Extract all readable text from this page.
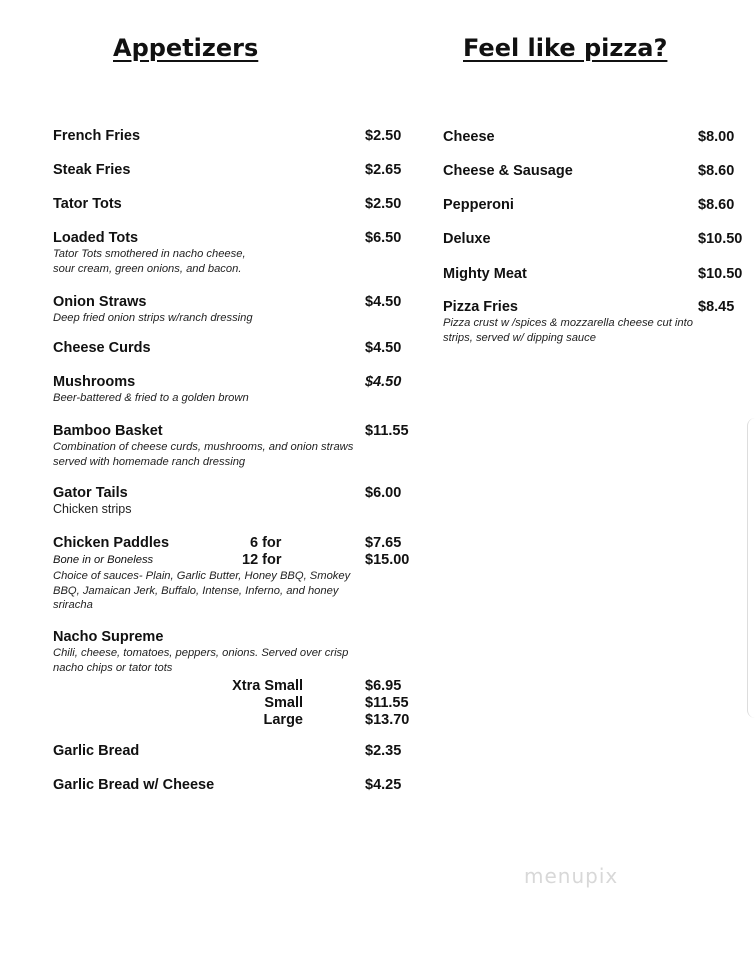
Appetizers	Feel like pizza?
French Fries	$2.50
Steak Fries	$2.65
Tator Tots	$2.50
Loaded Tots	$6.50
Tator Tots smothered in nacho cheese,
sour cream, green onions, and bacon.
Onion Straws	$4.50
Deep fried onion strips w/ranch dressing
Cheese Curds	$4.50
Mushrooms	$4.50
Beer-battered & fried to a golden brown
Bamboo Basket	$11.55
Combination of cheese curds, mushrooms, and onion straws
served with homemade ranch dressing
Gator Tails	$6.00
Chicken strips
Chicken Paddles	6 for	$7.65
Bone in or Boneless	12 for	$15.00
Choice of sauces- Plain, Garlic Butter, Honey BBQ, Smokey
BBQ, Jamaican Jerk, Buffalo, Intense, Inferno, and honey
sriracha
Nacho Supreme
Chili, cheese, tomatoes, peppers, onions. Served over crisp
nacho chips or tator tots
Xtra Small	$6.95
Small	$11.55
Large	$13.70
Garlic Bread	$2.35
Garlic Bread w/ Cheese	$4.25
Cheese	$8.00
Cheese & Sausage	$8.60
Pepperoni	$8.60
Deluxe	$10.50
Mighty Meat	$10.50
Pizza Fries	$8.45
Pizza crust w /spices & mozzarella cheese cut into
strips, served w/ dipping sauce
menupix
